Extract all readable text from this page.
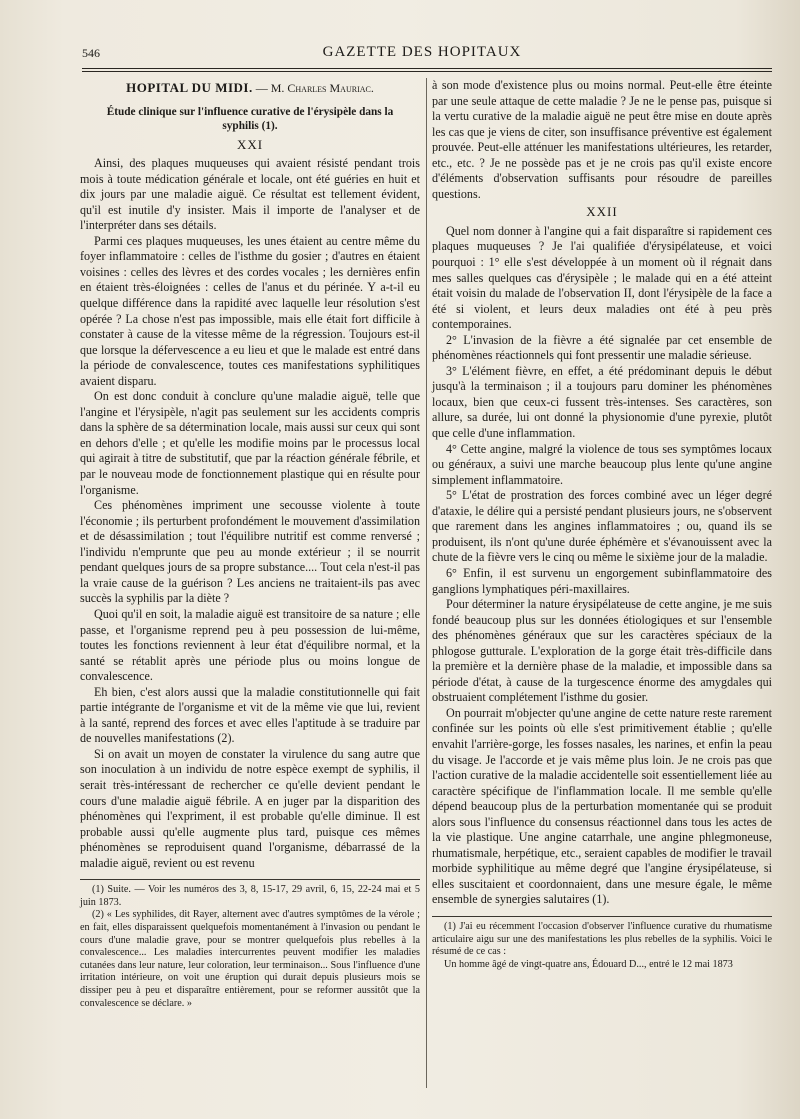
546	GAZETTE DES HOPITAUX
HOPITAL DU MIDI. — M. Charles Mauriac.
Étude clinique sur l'influence curative de l'érysipèle dans la syphilis (1).
XXI

Ainsi, des plaques muqueuses qui avaient résisté pendant trois mois à toute médication générale et locale, ont été guéries en huit et dix jours par une maladie aiguë. Ce résultat est tellement évident, qu'il est inutile d'y insister. Mais il importe de l'analyser et de l'interpréter dans ses détails.

Parmi ces plaques muqueuses, les unes étaient au centre même du foyer inflammatoire : celles de l'isthme du gosier ; d'autres en étaient voisines : celles des lèvres et des cordes vocales ; les dernières enfin en étaient très-éloignées : celles de l'anus et du périnée. Y a-t-il eu quelque différence dans la rapidité avec laquelle leur résolution s'est opérée ? La chose n'est pas impossible, mais elle était fort difficile à constater à cause de la vitesse même de la régression. Toujours est-il que lorsque la défervescence a eu lieu et que le malade est entré dans la période de convalescence, toutes ces manifestations syphilitiques avaient disparu.

On est donc conduit à conclure qu'une maladie aiguë, telle que l'angine et l'érysipèle, n'agit pas seulement sur les accidents compris dans la sphère de sa détermination locale, mais aussi sur ceux qui sont en dehors d'elle ; et qu'elle les modifie moins par le processus local qui agirait à titre de substitutif, que par la réaction générale fébrile, et par le nouveau mode de fonctionnement plastique qui en résulte pour l'organisme.

Ces phénomènes impriment une secousse violente à toute l'économie ; ils perturbent profondément le mouvement d'assimilation et de désassimilation ; tout l'équilibre nutritif est comme renversé ; l'individu n'emprunte que peu au monde extérieur ; il se nourrit pendant quelques jours de sa propre substance.... Tout cela n'est-il pas la vraie cause de la guérison ? Les anciens ne traitaient-ils pas avec succès la syphilis par la diète ?

Quoi qu'il en soit, la maladie aiguë est transitoire de sa nature ; elle passe, et l'organisme reprend peu à peu possession de lui-même, toutes les fonctions reviennent à leur état d'équilibre normal, et la santé se rétablit après une période plus ou moins longue de convalescence.

Eh bien, c'est alors aussi que la maladie constitutionnelle qui fait partie intégrante de l'organisme et vit de la même vie que lui, revient à la santé, reprend des forces et avec elles l'aptitude à se traduire par de nouvelles manifestations (2).

Si on avait un moyen de constater la virulence du sang autre que son inoculation à un individu de notre espèce exempt de syphilis, il serait très-intéressant de rechercher ce qu'elle devient pendant le cours d'une maladie aiguë fébrile. A en juger par la disparition des phénomènes qui l'expriment, il est probable qu'elle diminue. Il est probable aussi qu'elle augmente plus tard, puisque ces mêmes phénomènes se reproduisent quand l'organisme, débarrassé de la maladie aiguë, revient ou est revenu

(1) Suite. — Voir les numéros des 3, 8, 15-17, 29 avril, 6, 15, 22-24 mai et 5 juin 1873.

(2) « Les syphilides, dit Rayer, alternent avec d'autres symptômes de la vérole ; en fait, elles disparaissent quelquefois momentanément à l'invasion ou pendant le cours d'une maladie grave, pour se montrer quelquefois plus rebelles à la convalescence... Les maladies intercurrentes peuvent modifier les maladies cutanées dans leur nature, leur coloration, leur terminaison... Sous l'influence d'une irritation intérieure, on voit une éruption qui durait depuis plusieurs mois se dissiper peu à peu et disparaître entièrement, pour se reformer aussitôt que la convalescence se déclare. »

à son mode d'existence plus ou moins normal. Peut-elle être éteinte par une seule attaque de cette maladie ? Je ne le pense pas, puisque si la vertu curative de la maladie aiguë ne peut être mise en doute après les cas que je viens de citer, son insuffisance préventive est également prouvée. Peut-elle atténuer les manifestations ultérieures, les retarder, etc., etc. ? Je ne possède pas et je ne crois pas qu'il existe encore d'éléments d'observation suffisants pour résoudre de pareilles questions.

XXII

Quel nom donner à l'angine qui a fait disparaître si rapidement ces plaques muqueuses ? Je l'ai qualifiée d'érysipélateuse, et voici pourquoi : 1° elle s'est développée à un moment où il régnait dans mes salles quelques cas d'érysipèle ; le malade qui en a été atteint était voisin du malade de l'observation II, dont l'érysipèle de la face a été si violent, et leurs deux maladies ont été à peu près contemporaines.

2° L'invasion de la fièvre a été signalée par cet ensemble de phénomènes réactionnels qui font pressentir une maladie sérieuse.

3° L'élément fièvre, en effet, a été prédominant depuis le début jusqu'à la terminaison ; il a toujours paru dominer les phénomènes locaux, bien que ceux-ci fussent très-intenses. Ses caractères, son allure, sa durée, lui ont donné la physionomie d'une pyrexie, plutôt que celle d'une inflammation.

4° Cette angine, malgré la violence de tous ses symptômes locaux ou généraux, a suivi une marche beaucoup plus lente qu'une angine simplement inflammatoire.

5° L'état de prostration des forces combiné avec un léger degré d'ataxie, le délire qui a persisté pendant plusieurs jours, ne s'observent que rarement dans les angines inflammatoires ; ou, quand ils se produisent, ils n'ont qu'une durée éphémère et s'évanouissent avec la chute de la fièvre vers le cinq ou même le sixième jour de la maladie.

6° Enfin, il est survenu un engorgement subinflammatoire des ganglions lymphatiques péri-maxillaires.

Pour déterminer la nature érysipélateuse de cette angine, je me suis fondé beaucoup plus sur les données étiologiques et sur l'ensemble des phénomènes généraux que sur les caractères spéciaux de la phlogose gutturale. L'exploration de la gorge était très-difficile dans la première et la dernière phase de la maladie, et impossible dans sa période d'état, à cause de la turgescence énorme des amygdales qui obstruaient complétement l'isthme du gosier.

On pourrait m'objecter qu'une angine de cette nature reste rarement confinée sur les points où elle s'est primitivement établie ; qu'elle envahit l'arrière-gorge, les fosses nasales, les narines, et enfin la peau du visage. Je l'accorde et je vais même plus loin. Je ne crois pas que l'action curative de la maladie accidentelle soit essentiellement liée au caractère spécifique de l'inflammation locale. Il me semble qu'elle dépend beaucoup plus de la perturbation momentanée qui se produit alors sous l'influence du consensus réactionnel dans tous les actes de la vie plastique. Une angine catarrhale, une angine phlegmoneuse, rhumatismale, herpétique, etc., seraient capables de modifier le travail morbide syphilitique au même degré que l'angine érysipélateuse, si elles suscitaient et coordonnaient, dans une mesure égale, le même ensemble de synergies salutaires (1).

(1) J'ai eu récemment l'occasion d'observer l'influence curative du rhumatisme articulaire aigu sur une des manifestations les plus rebelles de la syphilis. Voici le résumé de ce cas :

Un homme âgé de vingt-quatre ans, Édouard D..., entré le 12 mai 1873
